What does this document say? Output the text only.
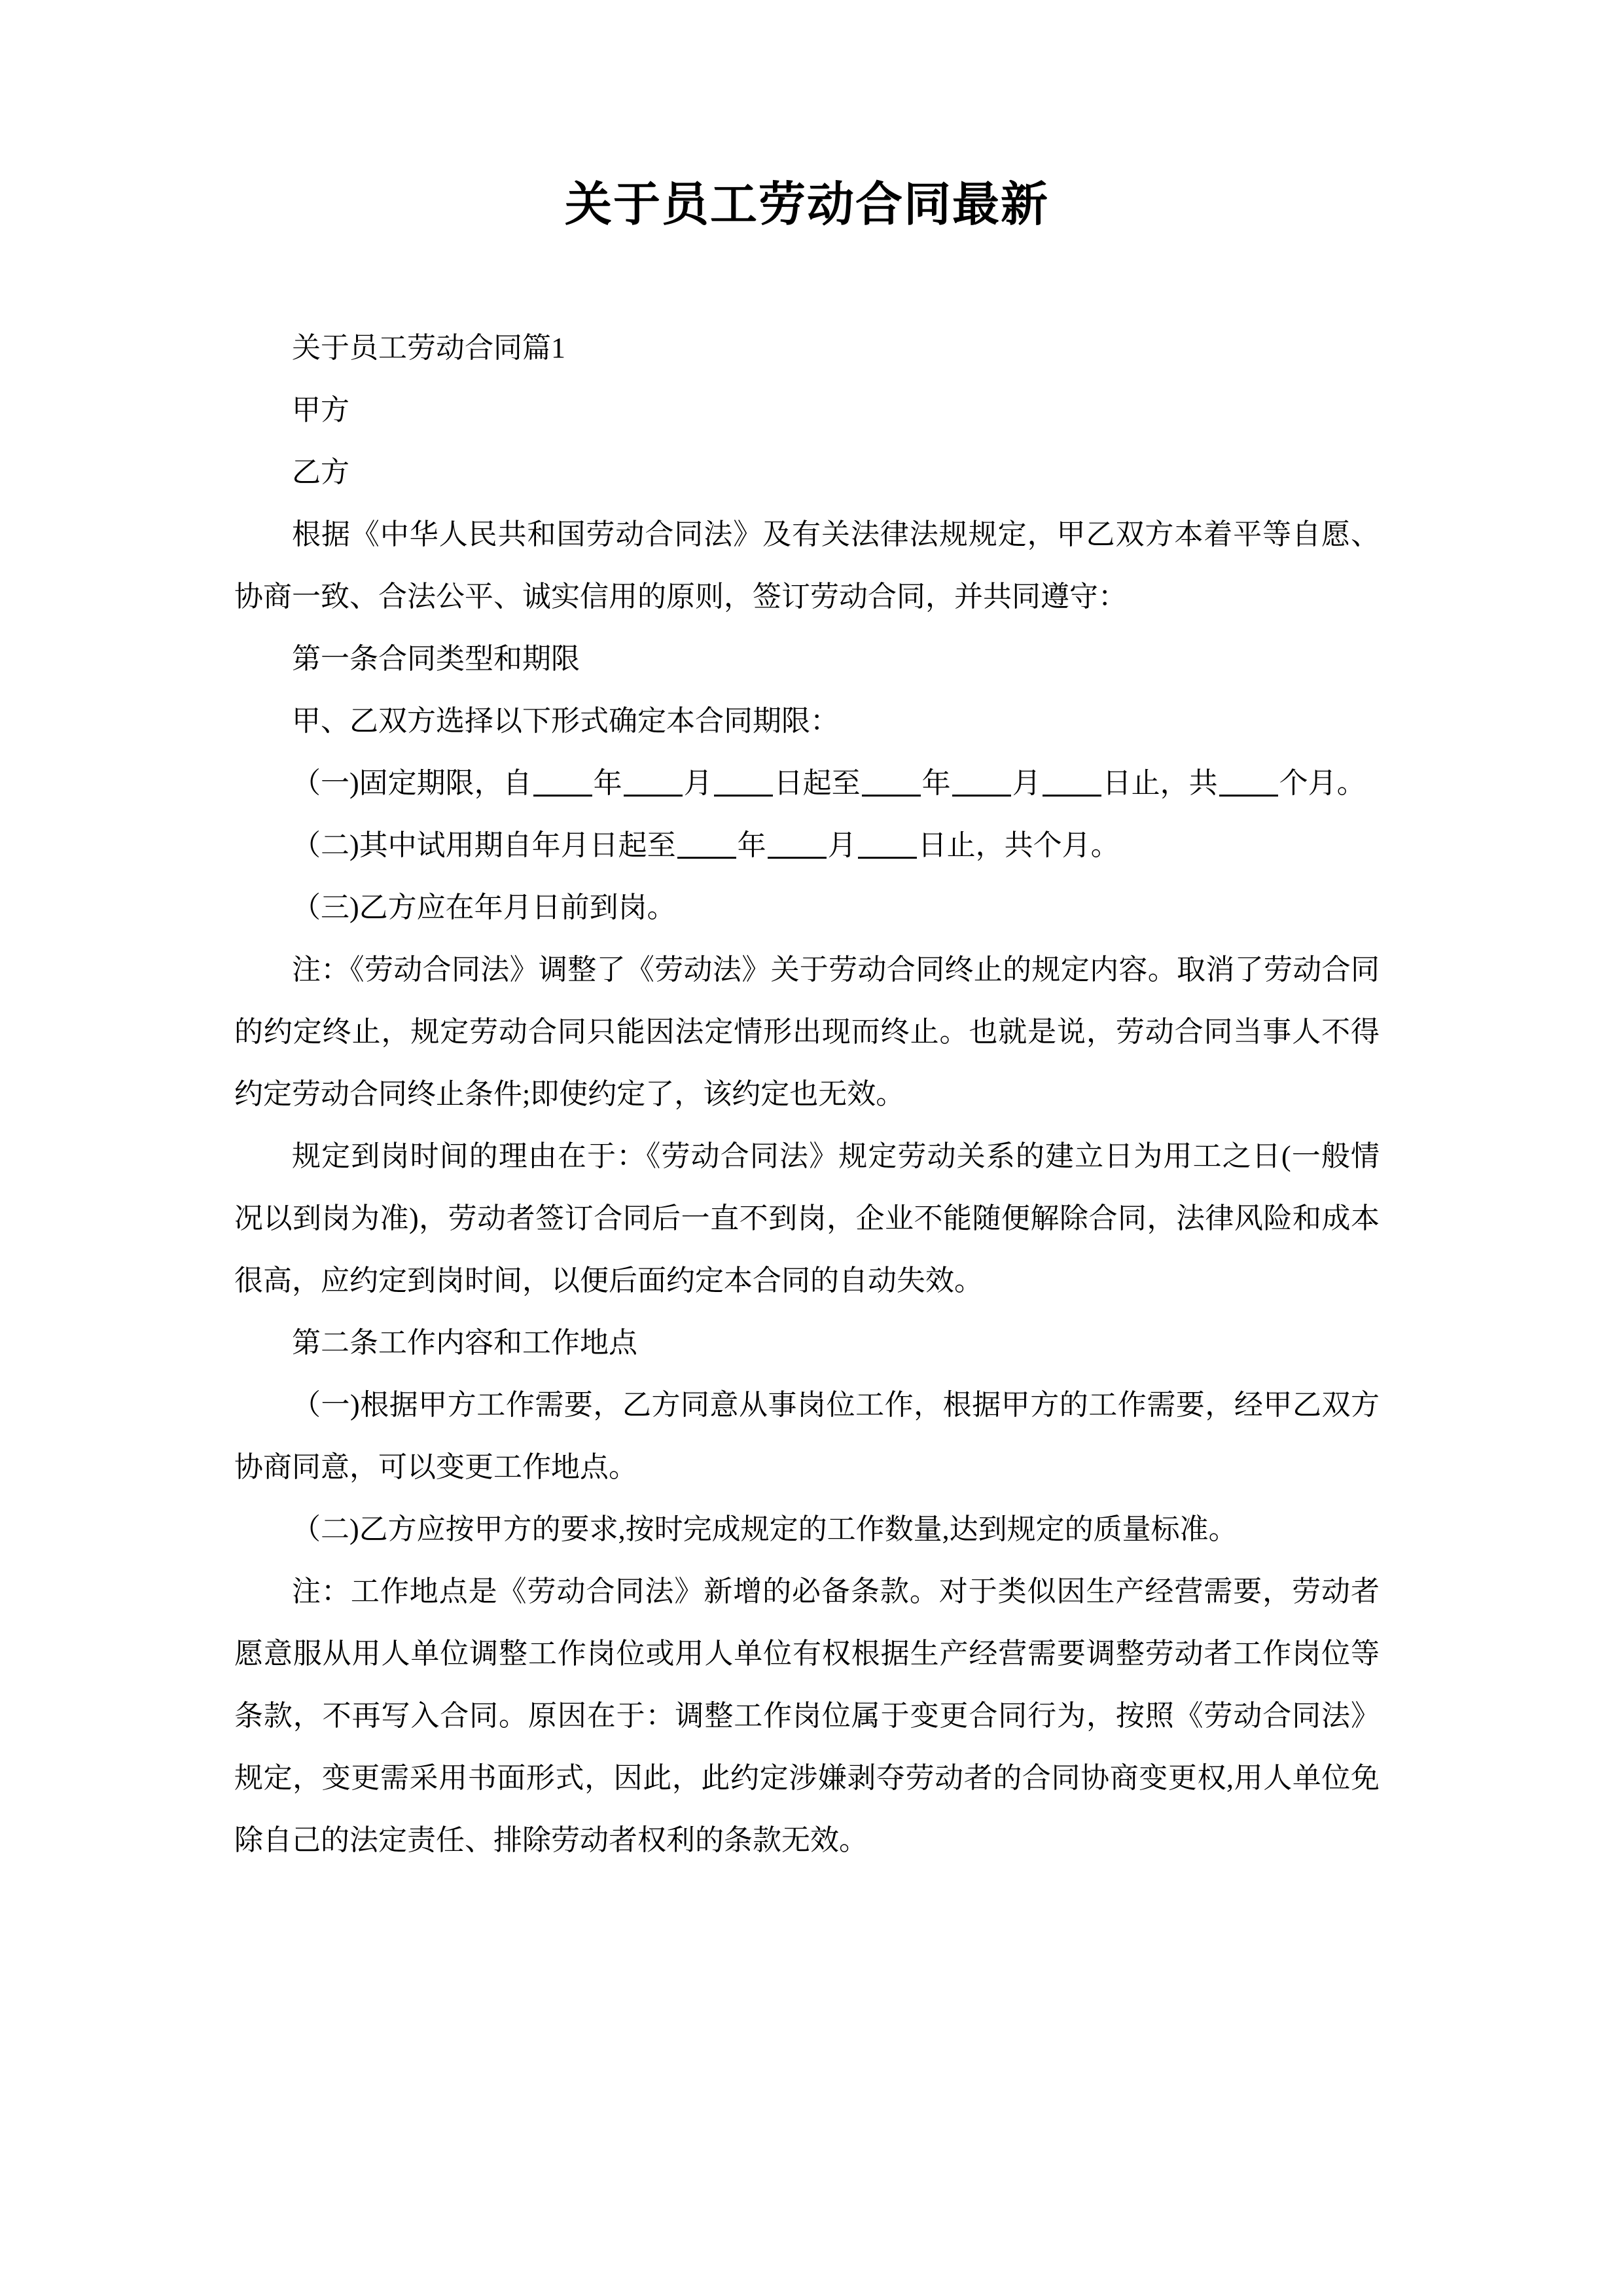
关于员工劳动合同最新

关于员工劳动合同篇1

甲方

乙方

根据《中华人民共和国劳动合同法》及有关法律法规规定，甲乙双方本着平等自愿、协商一致、合法公平、诚实信用的原则，签订劳动合同，并共同遵守：

第一条合同类型和期限

甲、乙双方选择以下形式确定本合同期限：

（一)固定期限，自 年 月 日起至 年 月 日止，共 个月。

（二)其中试用期自年月日起至 年 月 日止，共个月。

（三)乙方应在年月日前到岗。

注：《劳动合同法》调整了《劳动法》关于劳动合同终止的规定内容。取消了劳动合同的约定终止，规定劳动合同只能因法定情形出现而终止。也就是说，劳动合同当事人不得约定劳动合同终止条件;即使约定了，该约定也无效。

规定到岗时间的理由在于：《劳动合同法》规定劳动关系的建立日为用工之日(一般情况以到岗为准)，劳动者签订合同后一直不到岗，企业不能随便解除合同，法律风险和成本很高，应约定到岗时间，以便后面约定本合同的自动失效。

第二条工作内容和工作地点

（一)根据甲方工作需要，乙方同意从事岗位工作，根据甲方的工作需要，经甲乙双方协商同意，可以变更工作地点。

（二)乙方应按甲方的要求,按时完成规定的工作数量,达到规定的质量标准。

注：工作地点是《劳动合同法》新增的必备条款。对于类似因生产经营需要，劳动者愿意服从用人单位调整工作岗位或用人单位有权根据生产经营需要调整劳动者工作岗位等条款，不再写入合同。原因在于：调整工作岗位属于变更合同行为，按照《劳动合同法》规定，变更需采用书面形式，因此，此约定涉嫌剥夺劳动者的合同协商变更权,用人单位免除自己的法定责任、排除劳动者权利的条款无效。
